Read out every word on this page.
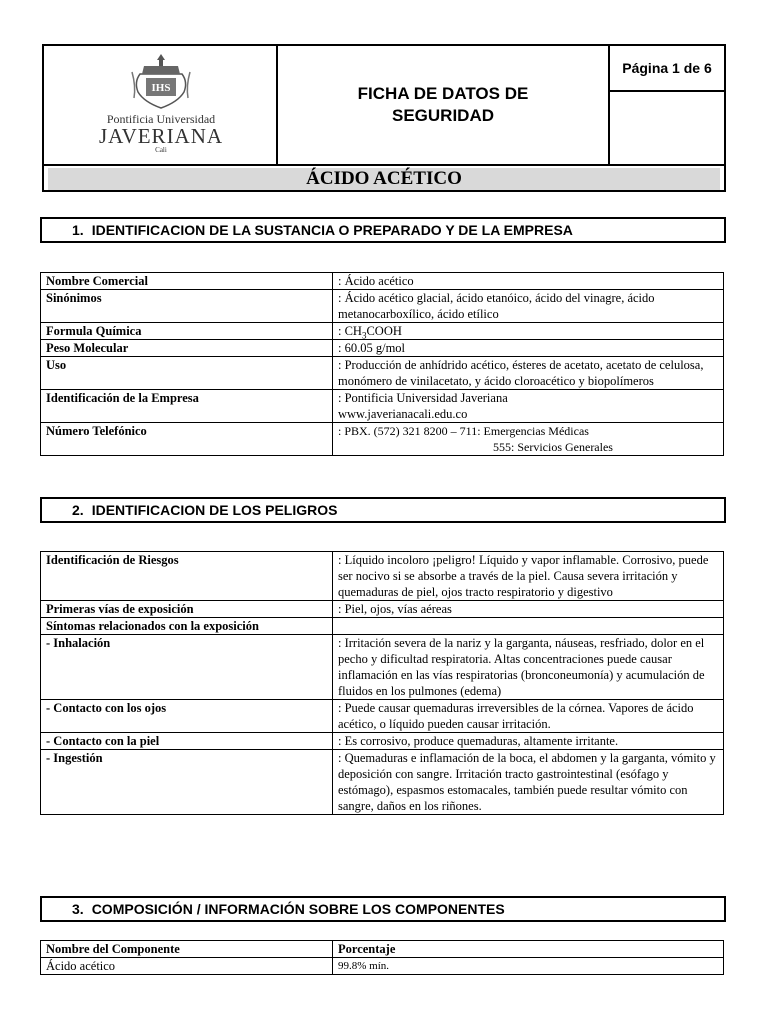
IHS
Pontificia Universidad
JAVERIANA
Cali
FICHA DE DATOS DE
SEGURIDAD
Página 1 de 6
ÁCIDO ACÉTICO
1. IDENTIFICACION DE LA SUSTANCIA O PREPARADO Y DE LA EMPRESA
Nombre Comercial	: Ácido acético
Sinónimos	: Ácido acético glacial, ácido etanóico, ácido del vinagre, ácido metanocarboxílico, ácido etílico
Formula Química	: $CH_3COOH$
Peso Molecular	: 60.05 g/mol
Uso	: Producción de anhídrido acético, ésteres de acetato, acetato de celulosa, monómero de vinilacetato, y ácido cloroacético y biopolímeros
Identificación de la Empresa	: Pontificia Universidad Javeriana
www.javerianacali.edu.co

Número Telefónico	: PBX. (572) 321 8200 – 711: Emergencias Médicas
555: Servicios Generales
2. IDENTIFICACION DE LOS PELIGROS
Identificación de Riesgos	: Líquido incoloro ¡peligro! Líquido y vapor inflamable. Corrosivo, puede ser nocivo si se absorbe a través de la piel. Causa severa irritación y quemaduras de piel, ojos tracto respiratorio y digestivo
Primeras vías de exposición	: Piel, ojos, vías aéreas
Síntomas relacionados con la exposición	
- Inhalación	: Irritación severa de la nariz y la garganta, náuseas, resfriado, dolor en el pecho y dificultad respiratoria. Altas concentraciones puede causar inflamación en las vías respiratorias (bronconeumonía) y acumulación de fluidos en los pulmones (edema)
- Contacto con los ojos	: Puede causar quemaduras irreversibles de la córnea. Vapores de ácido acético, o líquido pueden causar irritación.
- Contacto con la piel	: Es corrosivo, produce quemaduras, altamente irritante.
- Ingestión	: Quemaduras e inflamación de la boca, el abdomen y la garganta, vómito y deposición con sangre. Irritación tracto gastrointestinal (esófago y estómago), espasmos estomacales, también puede resultar vómito con sangre, daños en los riñones.
3. COMPOSICIÓN / INFORMACIÓN SOBRE LOS COMPONENTES
Nombre del Componente	Porcentaje
Ácido acético	99.8% mín.
